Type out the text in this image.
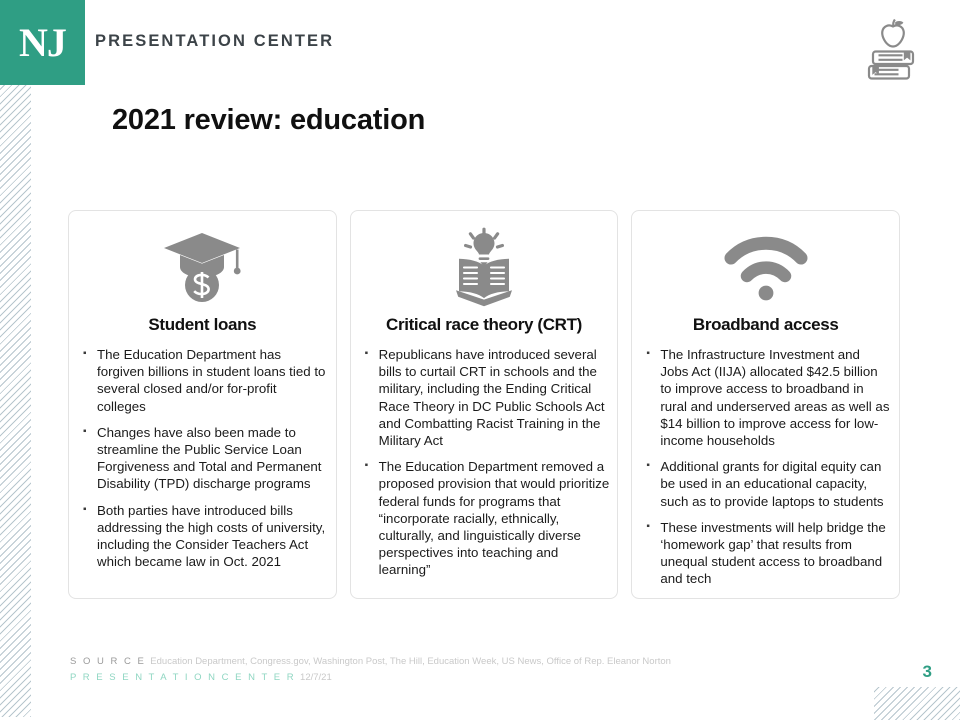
NJ PRESENTATION CENTER
2021 review: education
Student loans
▪ The Education Department has forgiven billions in student loans tied to several closed and/or for-profit colleges
▪ Changes have also been made to streamline the Public Service Loan Forgiveness and Total and Permanent Disability (TPD) discharge programs
▪ Both parties have introduced bills addressing the high costs of university, including the Consider Teachers Act which became law in Oct. 2021
Critical race theory (CRT)
▪ Republicans have introduced several bills to curtail CRT in schools and the military, including the Ending Critical Race Theory in DC Public Schools Act and Combatting Racist Training in the Military Act
▪ The Education Department removed a proposed provision that would prioritize federal funds for programs that “incorporate racially, ethnically, culturally, and linguistically diverse perspectives into teaching and learning”
Broadband access
▪ The Infrastructure Investment and Jobs Act (IIJA) allocated $42.5 billion to improve access to broadband in rural and underserved areas as well as $14 billion to improve access for low-income households
▪ Additional grants for digital equity can be used in an educational capacity, such as to provide laptops to students
▪ These investments will help bridge the ‘homework gap’ that results from unequal student access to broadband and tech
S O U R C E Education Department, Congress.gov, Washington Post, The Hill, Education Week, US News, Office of Rep. Eleanor Norton
P R E S E N T A T I O N C E N T E R 12/7/21	3
